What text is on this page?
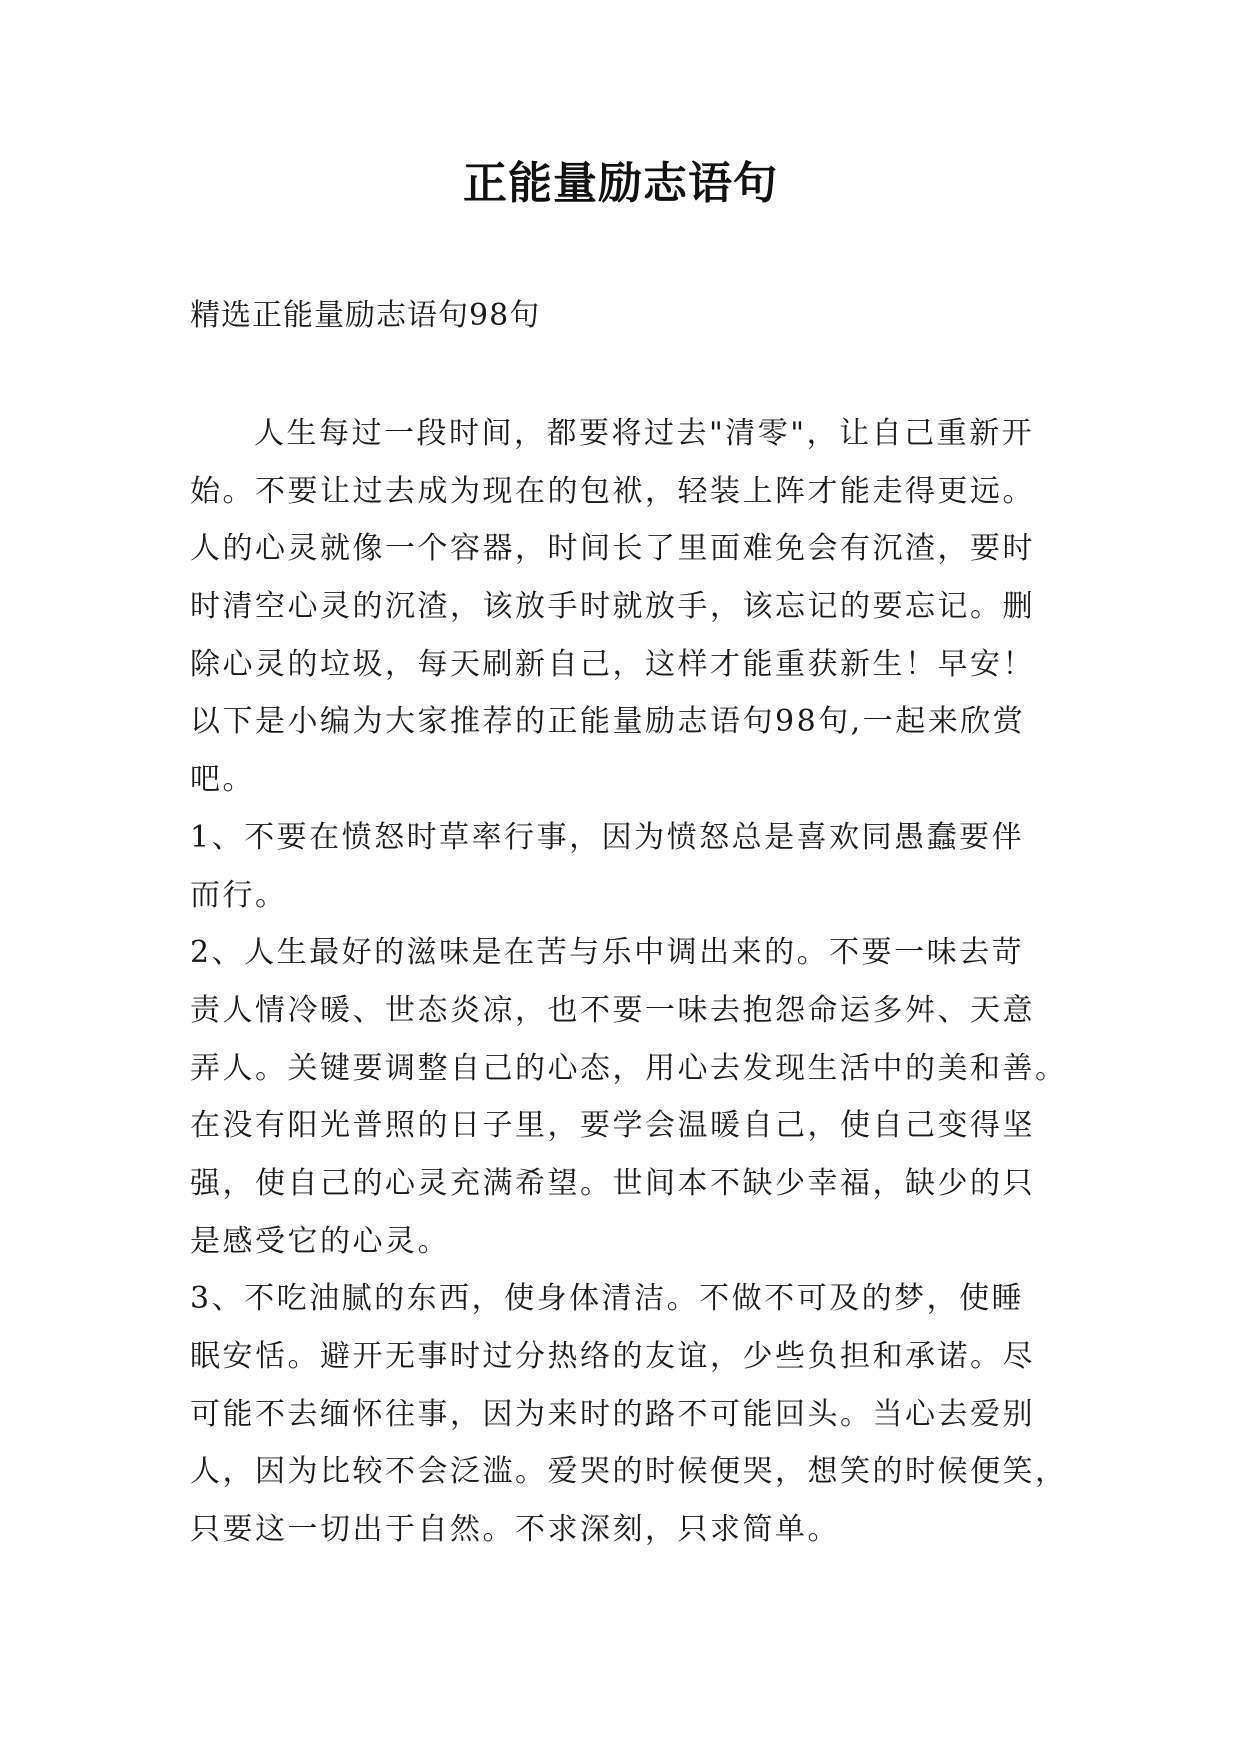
正能量励志语句
精选正能量励志语句98句
人生每过一段时间，都要将过去"清零"，让自己重新开
始。不要让过去成为现在的包袱，轻装上阵才能走得更远。
人的心灵就像一个容器，时间长了里面难免会有沉渣，要时
时清空心灵的沉渣，该放手时就放手，该忘记的要忘记。删
除心灵的垃圾，每天刷新自己，这样才能重获新生！早安！
以下是小编为大家推荐的正能量励志语句98句,一起来欣赏
吧。
1、不要在愤怒时草率行事，因为愤怒总是喜欢同愚蠢要伴
而行。
2、人生最好的滋味是在苦与乐中调出来的。不要一味去苛
责人情冷暖、世态炎凉，也不要一味去抱怨命运多舛、天意
弄人。关键要调整自己的心态，用心去发现生活中的美和善。
在没有阳光普照的日子里，要学会温暖自己，使自己变得坚
强，使自己的心灵充满希望。世间本不缺少幸福，缺少的只
是感受它的心灵。
3、不吃油腻的东西，使身体清洁。不做不可及的梦，使睡
眠安恬。避开无事时过分热络的友谊，少些负担和承诺。尽
可能不去缅怀往事，因为来时的路不可能回头。当心去爱别
人，因为比较不会泛滥。爱哭的时候便哭，想笑的时候便笑，
只要这一切出于自然。不求深刻，只求简单。
